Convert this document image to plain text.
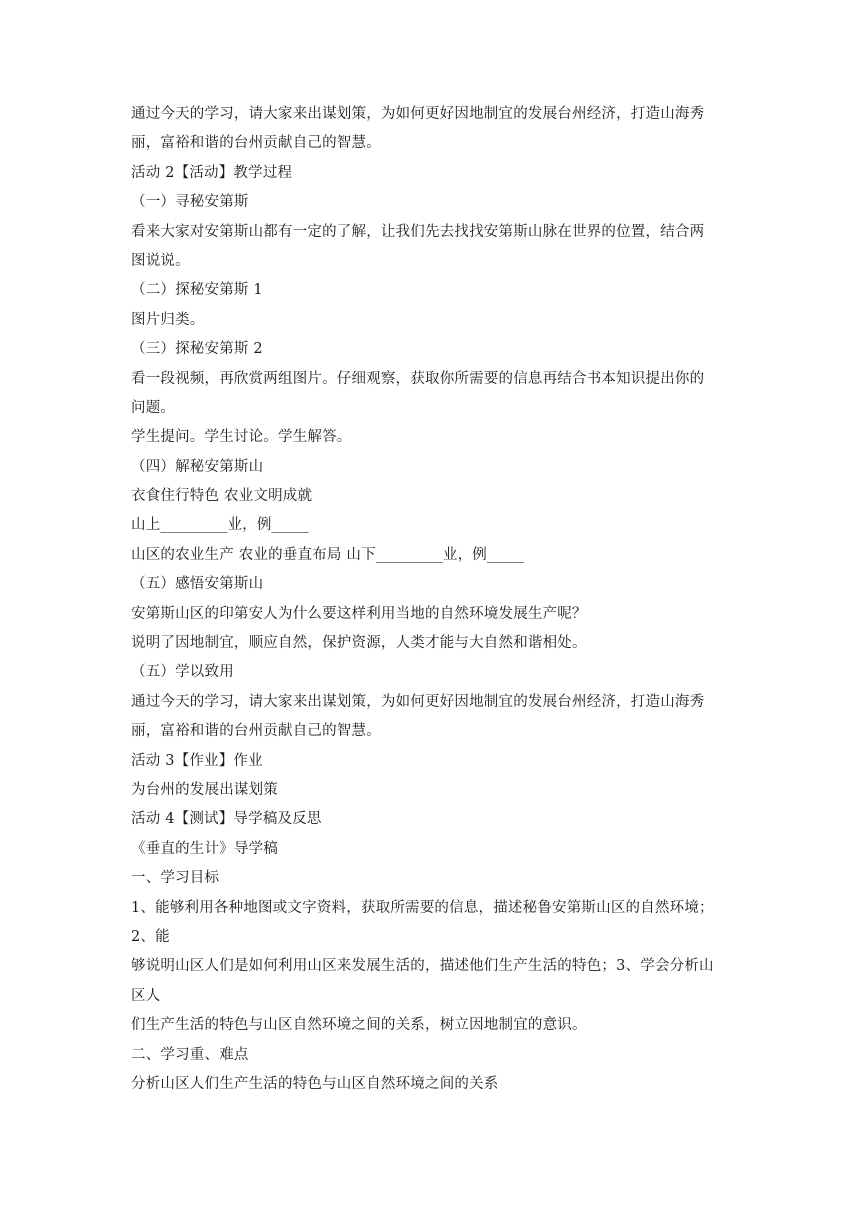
通过今天的学习，请大家来出谋划策，为如何更好因地制宜的发展台州经济，打造山海秀
丽，富裕和谐的台州贡献自己的智慧。
活动 2【活动】教学过程
（一）寻秘安第斯
看来大家对安第斯山都有一定的了解，让我们先去找找安第斯山脉在世界的位置，结合两
图说说。
（二）探秘安第斯 1
图片归类。
（三）探秘安第斯 2
看一段视频，再欣赏两组图片。仔细观察，获取你所需要的信息再结合书本知识提出你的
问题。
学生提问。学生讨论。学生解答。
（四）解秘安第斯山
衣食住行特色 农业文明成就
山上_________业，例_____
山区的农业生产 农业的垂直布局 山下_________业，例_____
（五）感悟安第斯山
安第斯山区的印第安人为什么要这样利用当地的自然环境发展生产呢？
说明了因地制宜，顺应自然，保护资源，人类才能与大自然和谐相处。
（五）学以致用
通过今天的学习，请大家来出谋划策，为如何更好因地制宜的发展台州经济，打造山海秀
丽，富裕和谐的台州贡献自己的智慧。
活动 3【作业】作业
为台州的发展出谋划策
活动 4【测试】导学稿及反思
《垂直的生计》导学稿
一、学习目标
1、能够利用各种地图或文字资料，获取所需要的信息，描述秘鲁安第斯山区的自然环境；
2、能
够说明山区人们是如何利用山区来发展生活的，描述他们生产生活的特色；3、学会分析山
区人
们生产生活的特色与山区自然环境之间的关系，树立因地制宜的意识。
二、学习重、难点
分析山区人们生产生活的特色与山区自然环境之间的关系
